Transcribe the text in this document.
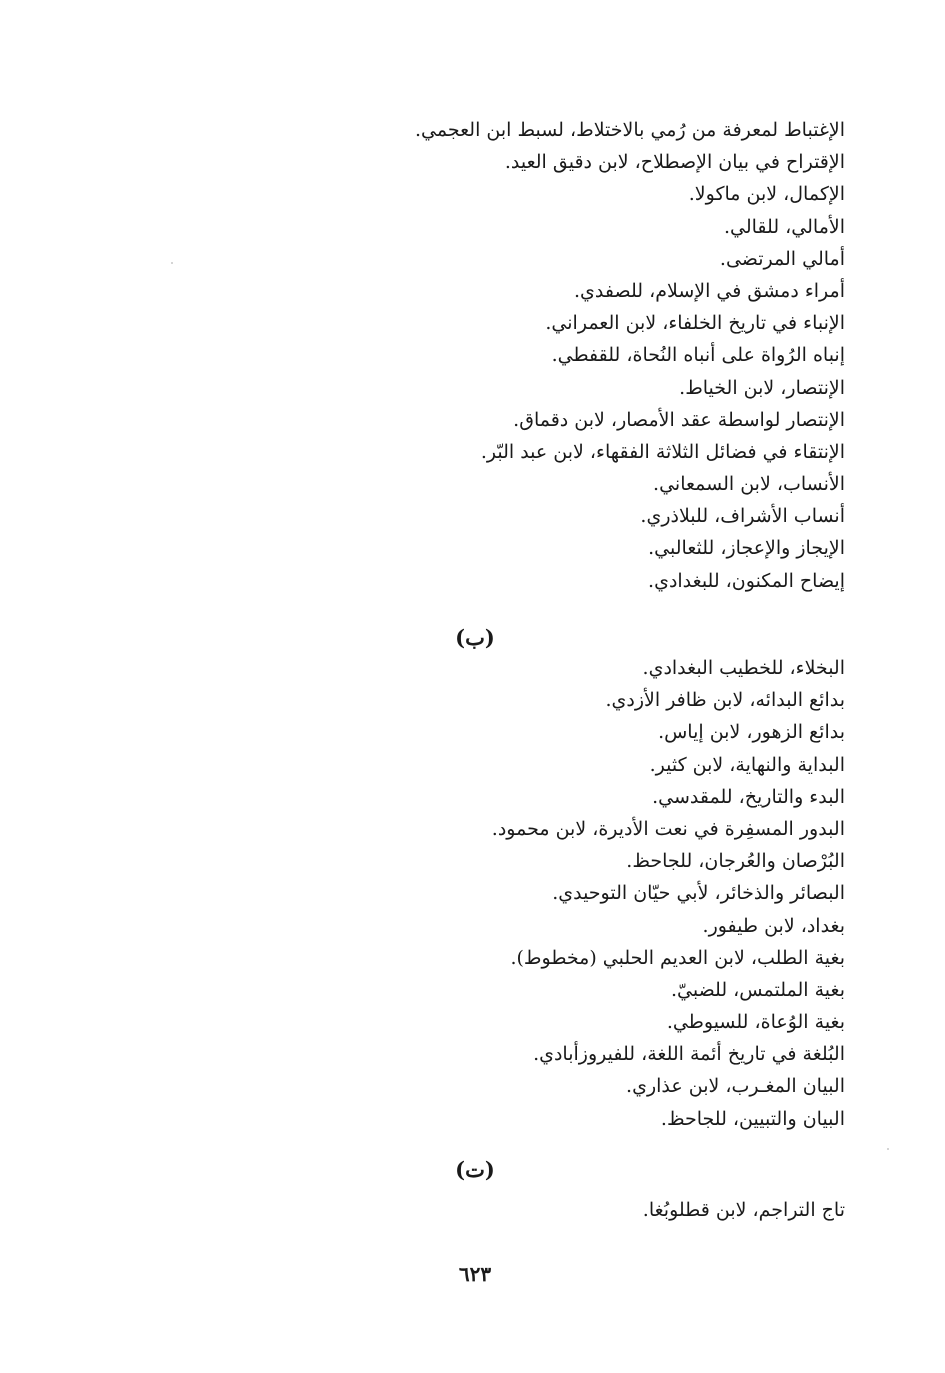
الإغتباط لمعرفة من رُمي بالاختلاط، لسبط ابن العجمي.
الإقتراح في بيان الإصطلاح، لابن دقيق العيد.
الإكمال، لابن ماكولا.
الأمالي، للقالي.
أمالي المرتضى.
أمراء دمشق في الإسلام، للصفدي.
الإنباء في تاريخ الخلفاء، لابن العمراني.
إنباه الرُواة على أنباه النُحاة، للقفطي.
الإنتصار، لابن الخياط.
الإنتصار لواسطة عقد الأمصار، لابن دقماق.
الإنتقاء في فضائل الثلاثة الفقهاء، لابن عبد البّر.
الأنساب، لابن السمعاني.
أنساب الأشراف، للبلاذري.
الإيجاز والإعجاز، للثعالبي.
إيضاح المكنون، للبغدادي.
(ب)
البخلاء، للخطيب البغدادي.
بدائع البدائه، لابن ظافر الأزدي.
بدائع الزهور، لابن إياس.
البداية والنهاية، لابن كثير.
البدء والتاريخ، للمقدسي.
البدور المسفِرة في نعت الأديرة، لابن محمود.
البُرْصان والعُرجان، للجاحظ.
البصائر والذخائر، لأبي حيّان التوحيدي.
بغداد، لابن طيفور.
بغية الطلب، لابن العديم الحلبي (مخطوط).
بغية الملتمس، للضبيّ.
بغية الوُعاة، للسيوطي.
البُلغة في تاريخ أئمة اللغة، للفيروزأبادي.
البيان المغـرب، لابن عذاري.
البيان والتبيين، للجاحظ.
(ت)
تاج التراجم، لابن قطلوبُغا.
٦٢٣
